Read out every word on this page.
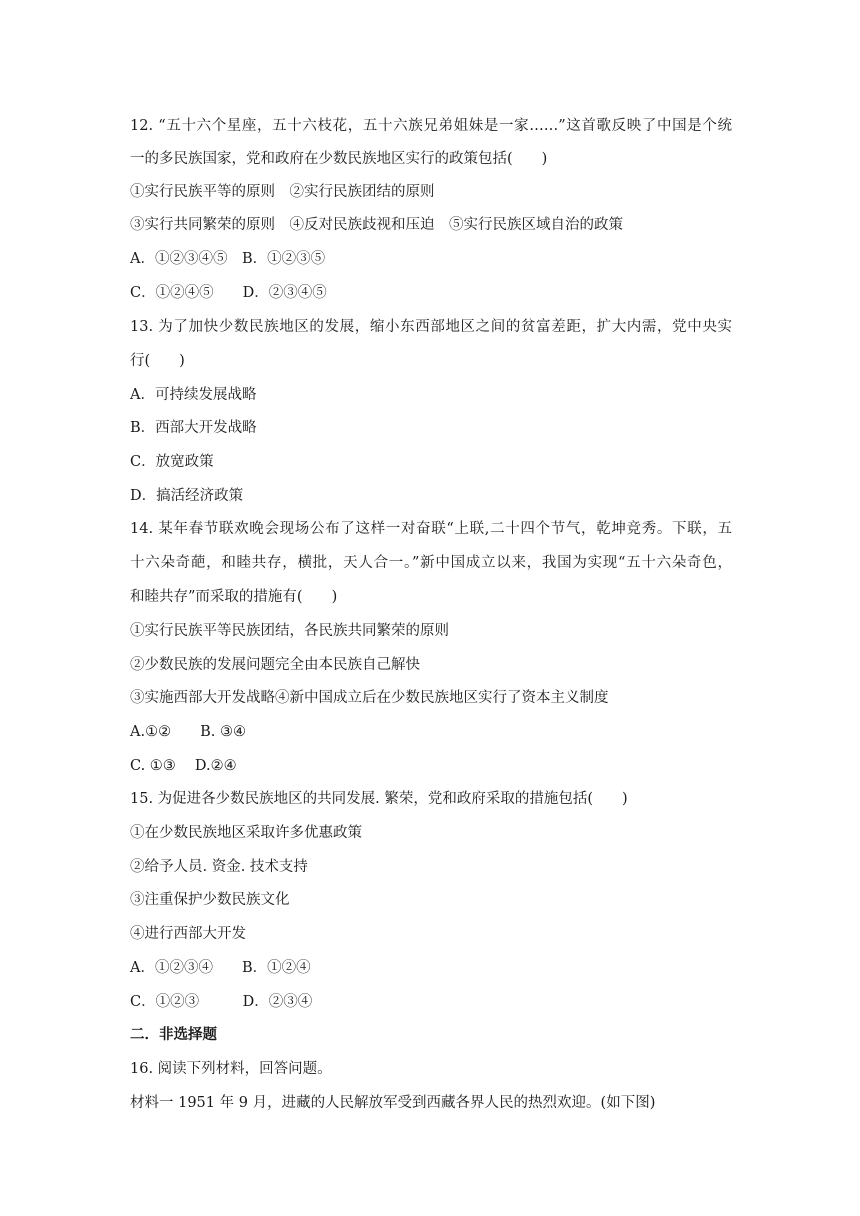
12. “五十六个星座，五十六枝花，五十六族兄弟姐妹是一家……”这首歌反映了中国是个统
一的多民族国家，党和政府在少数民族地区实行的政策包括(　　)
①实行民族平等的原则　②实行民族团结的原则
③实行共同繁荣的原则　④反对民族歧视和压迫　⑤实行民族区域自治的政策
A．①②③④⑤　B．①②③⑤
C．①②④⑤　　D．②③④⑤
13. 为了加快少数民族地区的发展，缩小东西部地区之间的贫富差距，扩大内需，党中央实
行(　　)
A．可持续发展战略
B．西部大开发战略
C．放宽政策
D．搞活经济政策
14. 某年春节联欢晚会现场公布了这样一对奋联“上联,二十四个节气，乾坤竞秀。下联，五
十六朵奇葩，和睦共存，横批，天人合一。”新中国成立以来，我国为实现“五十六朵奇色，
和睦共存”而采取的措施有(　　)
①实行民族平等民族团结，各民族共同繁荣的原则
②少数民族的发展问题完全由本民族自己解快
③实施西部大开发战略④新中国成立后在少数民族地区实行了资本主义制度
A.①②　　B. ③④
C. ①③　 D.②④
15. 为促进各少数民族地区的共同发展. 繁荣，党和政府采取的措施包括(　　)
①在少数民族地区采取许多优惠政策
②给予人员. 资金. 技术支持
③注重保护少数民族文化
④进行西部大开发
A．①②③④　　B．①②④
C．①②③　　　D．②③④
二．非选择题
16. 阅读下列材料，回答问题。
材料一 1951 年 9 月，进藏的人民解放军受到西藏各界人民的热烈欢迎。(如下图)
